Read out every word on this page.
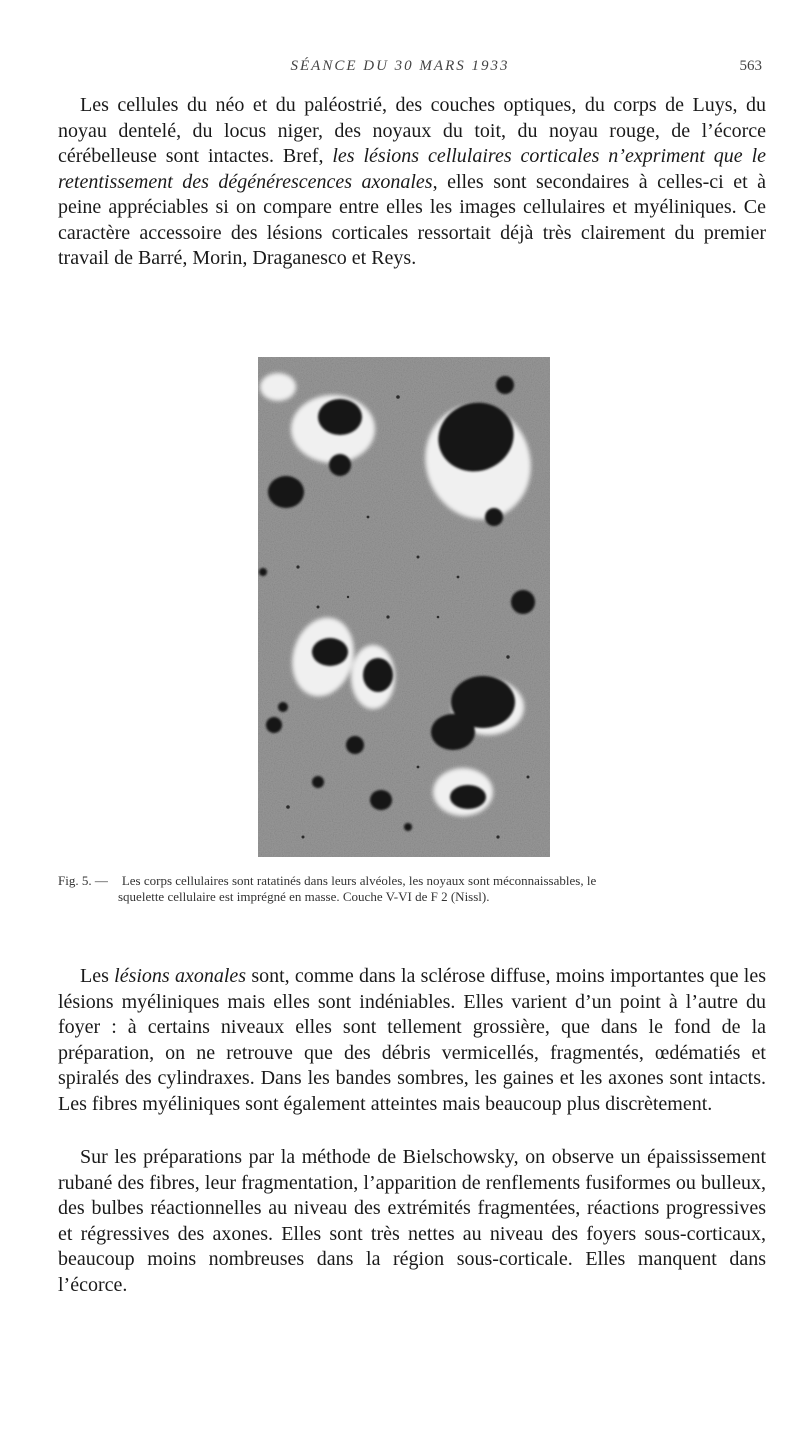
SÉANCE DU 30 MARS 1933	563

Les cellules du néo et du paléostrié, des couches optiques, du corps de Luys, du noyau dentelé, du locus niger, des noyaux du toit, du noyau rouge, de l’écorce cérébelleuse sont intactes. Bref, les lésions cellulaires corticales n’expriment que le retentissement des dégénérescences axonales, elles sont secondaires à celles-ci et à peine appréciables si on compare entre elles les images cellulaires et myéliniques. Ce caractère accessoire des lésions corticales ressortait déjà très clairement du premier travail de Barré, Morin, Draganesco et Reys.

Fig. 5. — Les corps cellulaires sont ratatinés dans leurs alvéoles, les noyaux sont méconnaissables, le
squelette cellulaire est imprégné en masse. Couche V-VI de F 2 (Nissl).

Les lésions axonales sont, comme dans la sclérose diffuse, moins importantes que les lésions myéliniques mais elles sont indéniables. Elles varient d’un point à l’autre du foyer : à certains niveaux elles sont tellement grossière, que dans le fond de la préparation, on ne retrouve que des débris vermicellés, fragmentés, œdématiés et spiralés des cylindraxes. Dans les bandes sombres, les gaines et les axones sont intacts. Les fibres myéliniques sont également atteintes mais beaucoup plus discrètement.

Sur les préparations par la méthode de Bielschowsky, on observe un épaississement rubané des fibres, leur fragmentation, l’apparition de renflements fusiformes ou bulleux, des bulbes réactionnelles au niveau des extrémités fragmentées, réactions progressives et régressives des axones. Elles sont très nettes au niveau des foyers sous-corticaux, beaucoup moins nombreuses dans la région sous-corticale. Elles manquent dans l’écorce.
